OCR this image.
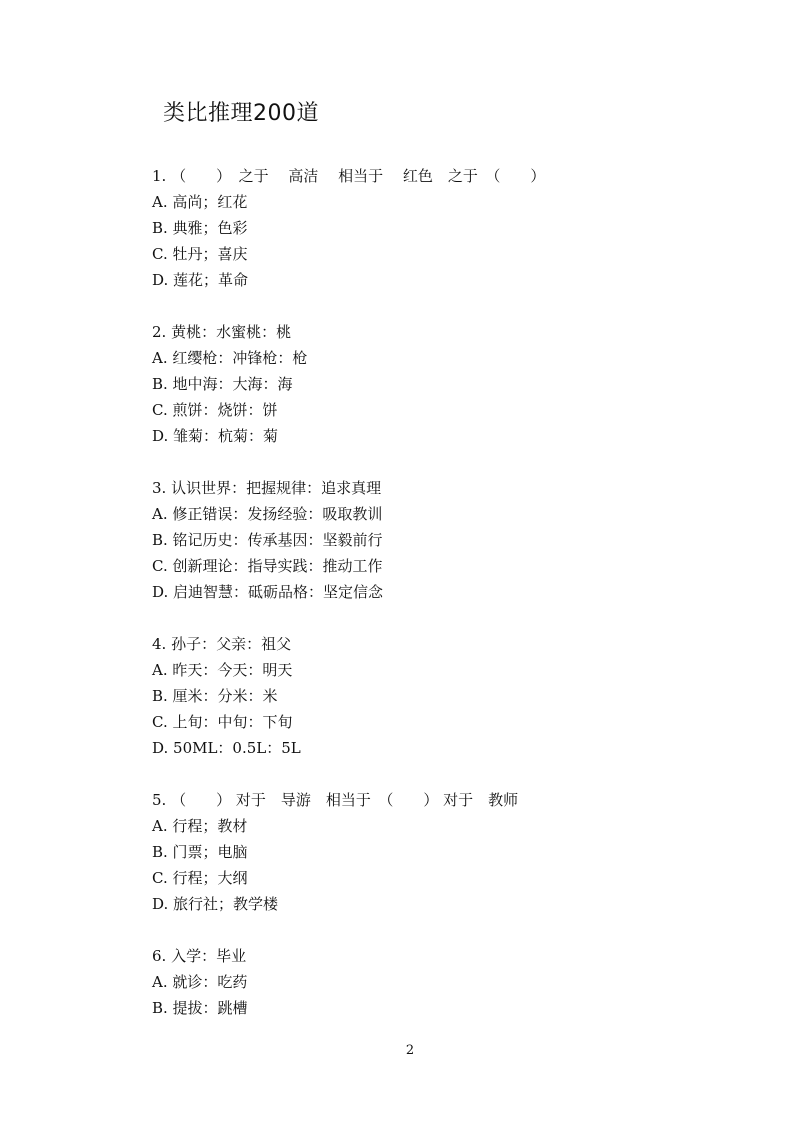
类比推理200道
1. （　　）　之于　 高洁　 相当于　 红色　之于　（　　）
A. 高尚；红花
B. 典雅；色彩
C. 牡丹；喜庆
D. 莲花；革命
2. 黄桃：水蜜桃：桃
A. 红缨枪：冲锋枪：枪
B. 地中海：大海：海
C. 煎饼：烧饼：饼
D. 雏菊：杭菊：菊
3. 认识世界：把握规律：追求真理
A. 修正错误：发扬经验：吸取教训
B. 铭记历史：传承基因：坚毅前行
C. 创新理论：指导实践：推动工作
D. 启迪智慧：砥砺品格：坚定信念
4. 孙子：父亲：祖父
A. 昨天：今天：明天
B. 厘米：分米：米
C. 上旬：中旬：下旬
D. 50ML：0.5L：5L
5. （　　） 对于　导游　相当于　（　　） 对于　教师
A. 行程；教材
B. 门票；电脑
C. 行程；大纲
D. 旅行社；教学楼
6. 入学：毕业
A. 就诊：吃药
B. 提拔：跳槽
2
